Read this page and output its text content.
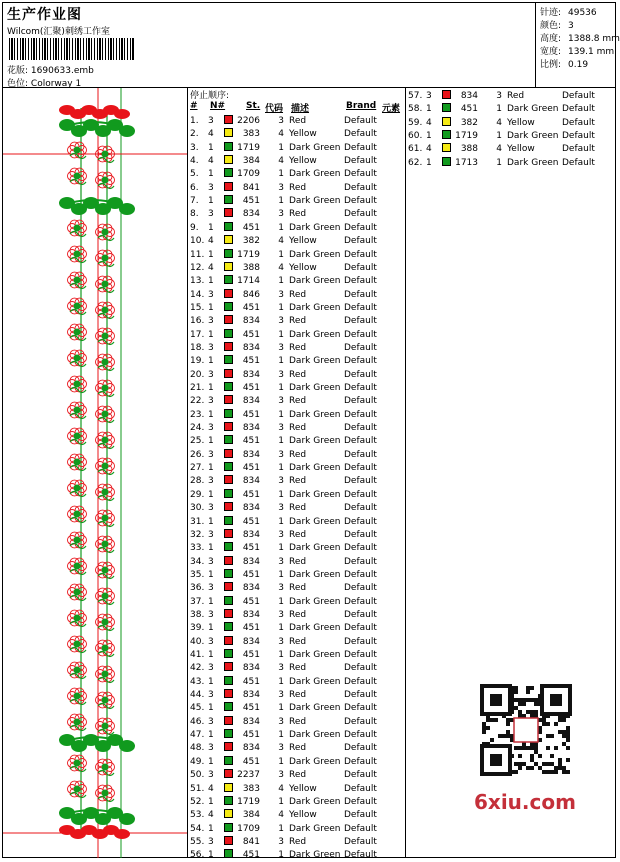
生产作业图
Wilcom(汇聚)刺绣工作室
花版: 1690633.emb
色位: Colorway 1
针迹: 49536
颜色: 3
高度: 1388.8 mm
宽度: 139.1 mm
比例: 0.19
停止顺序:
# N# St. 代码 描述	Brand 元素
1. 3	2206 3 Red	Default
2. 4	383 4 Yellow	Default
3. 1	1719 1 Dark Green Default
4. 4	384 4 Yellow	Default
5. 1	1709 1 Dark Green Default
6. 3	841 3 Red	Default
7. 1	451 1 Dark Green Default
8. 3	834 3 Red	Default
9. 1	451 1 Dark Green Default
10. 4	382 4 Yellow	Default
11. 1	1719 1 Dark Green Default
12. 4	388 4 Yellow	Default
13. 1	1714 1 Dark Green Default
14. 3	846 3 Red	Default
15. 1	451 1 Dark Green Default
16. 3	834 3 Red	Default
17. 1	451 1 Dark Green Default
18. 3	834 3 Red	Default
19. 1	451 1 Dark Green Default
20. 3	834 3 Red	Default
21. 1	451 1 Dark Green Default
22. 3	834 3 Red	Default
23. 1	451 1 Dark Green Default
24. 3	834 3 Red	Default
25. 1	451 1 Dark Green Default
26. 3	834 3 Red	Default
27. 1	451 1 Dark Green Default
28. 3	834 3 Red	Default
29. 1	451 1 Dark Green Default
30. 3	834 3 Red	Default
31. 1	451 1 Dark Green Default
32. 3	834 3 Red	Default
33. 1	451 1 Dark Green Default
34. 3	834 3 Red	Default
35. 1	451 1 Dark Green Default
36. 3	834 3 Red	Default
37. 1	451 1 Dark Green Default
38. 3	834 3 Red	Default
39. 1	451 1 Dark Green Default
40. 3	834 3 Red	Default
41. 1	451 1 Dark Green Default
42. 3	834 3 Red	Default
43. 1	451 1 Dark Green Default
44. 3	834 3 Red	Default
45. 1	451 1 Dark Green Default
46. 3	834 3 Red	Default
47. 1	451 1 Dark Green Default
48. 3	834 3 Red	Default
49. 1	451 1 Dark Green Default
50. 3	2237 3 Red	Default
51. 4	383 4 Yellow	Default
52. 1	1719 1 Dark Green Default
53. 4	384 4 Yellow	Default
54. 1	1709 1 Dark Green Default
55. 3	841 3 Red	Default
56. 1	451 1 Dark Green Default
57. 3	834 3 Red	Default
58. 1	451 1 Dark Green Default
59. 4	382 4 Yellow	Default
60. 1	1719 1 Dark Green Default
61. 4	388 4 Yellow	Default
62. 1	1713 1 Dark Green Default
6xiu.com
